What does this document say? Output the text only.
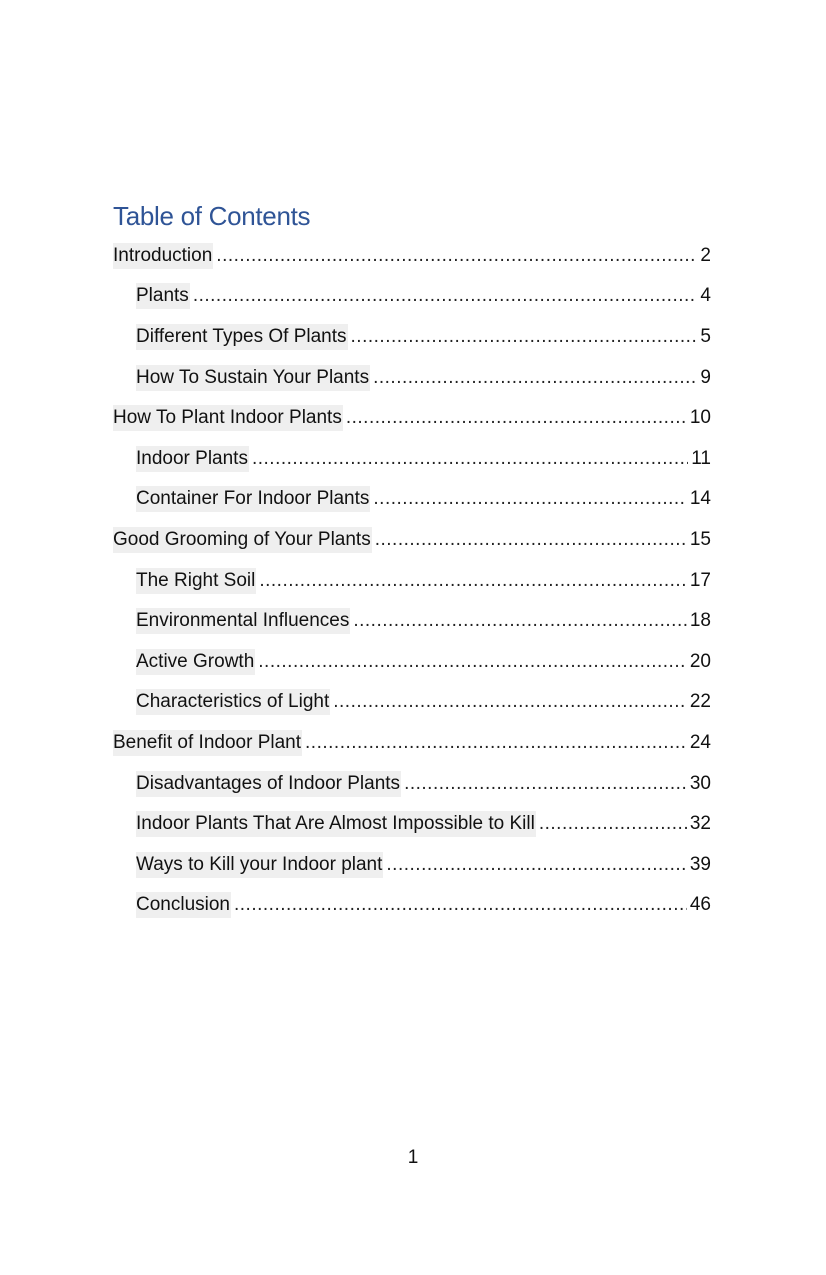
Table of Contents
Introduction .....	2
Plants .....	4
Different Types Of Plants .....	5
How To Sustain Your Plants .....	9
How To Plant Indoor Plants .....	10
Indoor Plants .....	11
Container For Indoor Plants .....	14
Good Grooming of Your Plants .....	15
The Right Soil .....	17
Environmental Influences .....	18
Active Growth .....	20
Characteristics of Light .....	22
Benefit of Indoor Plant .....	24
Disadvantages of Indoor Plants .....	30
Indoor Plants That Are Almost Impossible to Kill .....	32
Ways to Kill your Indoor plant .....	39
Conclusion .....	46
1
